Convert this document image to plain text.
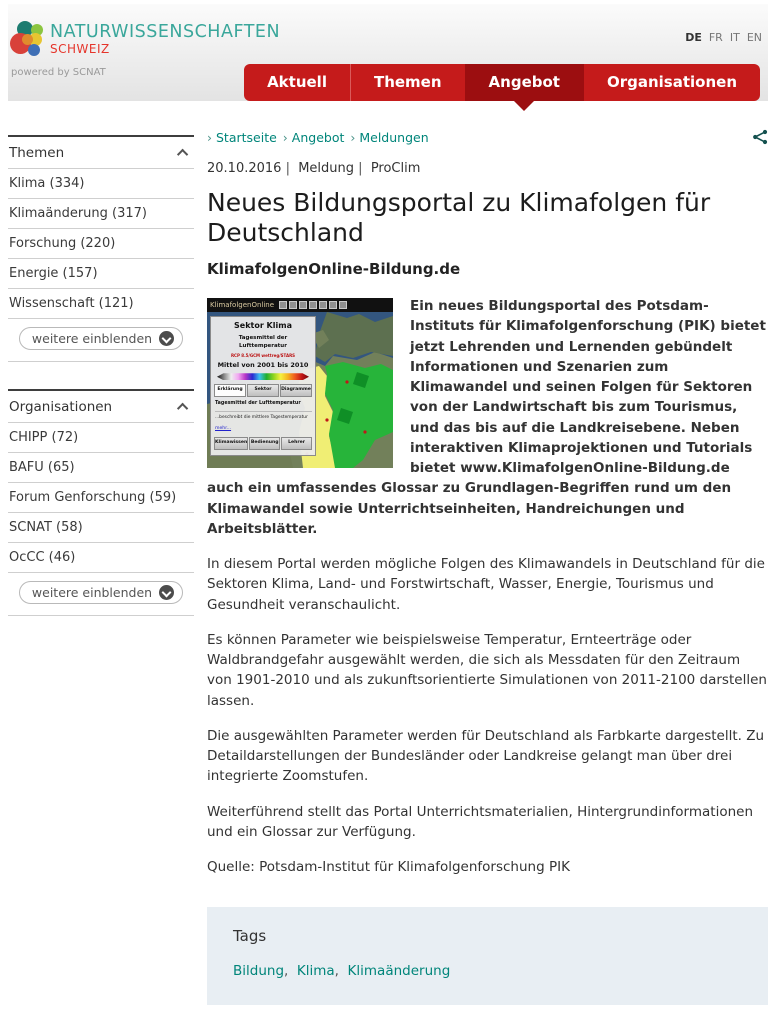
NATURWISSENSCHAFTEN
SCHWEIZ
powered by SCNAT
DE FR IT EN
Aktuell	Themen	Angebot	Organisationen
Themen
Klima (334)
Klimaänderung (317)
Forschung (220)
Energie (157)
Wissenschaft (121)
weitere einblenden
Organisationen
CHIPP (72)
BAFU (65)
Forum Genforschung (59)
SCNAT (58)
OcCC (46)
weitere einblenden
› Startseite › Angebot › Meldungen
20.10.2016 |  Meldung |  ProClim
Neues Bildungsportal zu Klimafolgen für Deutschland
KlimafolgenOnline-Bildung.de
KlimafolgenOnline
Sektor Klima
Tagesmittel der Lufttemperatur
RCP 8.5/GCM wettreg/STARS
Mittel von 2001 bis 2010
Erklärung	Sektor	Diagramme
Tagesmittel der Lufttemperatur
...beschreibt die mittlere Tagestemperatur
mehr...
Klimawissen Bedienung	Lehrer

Ein neues Bildungsportal des Potsdam-Instituts für Klimafolgenforschung (PIK) bietet jetzt Lehrenden und Lernenden gebündelt Informationen und Szenarien zum Klimawandel und seinen Folgen für Sektoren von der Landwirtschaft bis zum Tourismus, und das bis auf die Landkreisebene. Neben interaktiven Klimaprojektionen und Tutorials bietet www.KlimafolgenOnline-Bildung.de auch ein umfassendes Glossar zu Grundlagen-Begriffen rund um den Klimawandel sowie Unterrichtseinheiten, Handreichungen und Arbeitsblätter.

In diesem Portal werden mögliche Folgen des Klimawandels in Deutschland für die Sektoren Klima, Land- und Forstwirtschaft, Wasser, Energie, Tourismus und Gesundheit veranschaulicht.

Es können Parameter wie beispielsweise Temperatur, Ernteerträge oder Waldbrandgefahr ausgewählt werden, die sich als Messdaten für den Zeitraum von 1901-2010 und als zukunftsorientierte Simulationen von 2011-2100 darstellen lassen.

Die ausgewählten Parameter werden für Deutschland als Farbkarte dargestellt. Zu Detaildarstellungen der Bundesländer oder Landkreise gelangt man über drei integrierte Zoomstufen.

Weiterführend stellt das Portal Unterrichtsmaterialien, Hintergrundinformationen und ein Glossar zur Verfügung.

Quelle: Potsdam-Institut für Klimafolgenforschung PIK

Tags
Bildung , Klima , Klimaänderung
